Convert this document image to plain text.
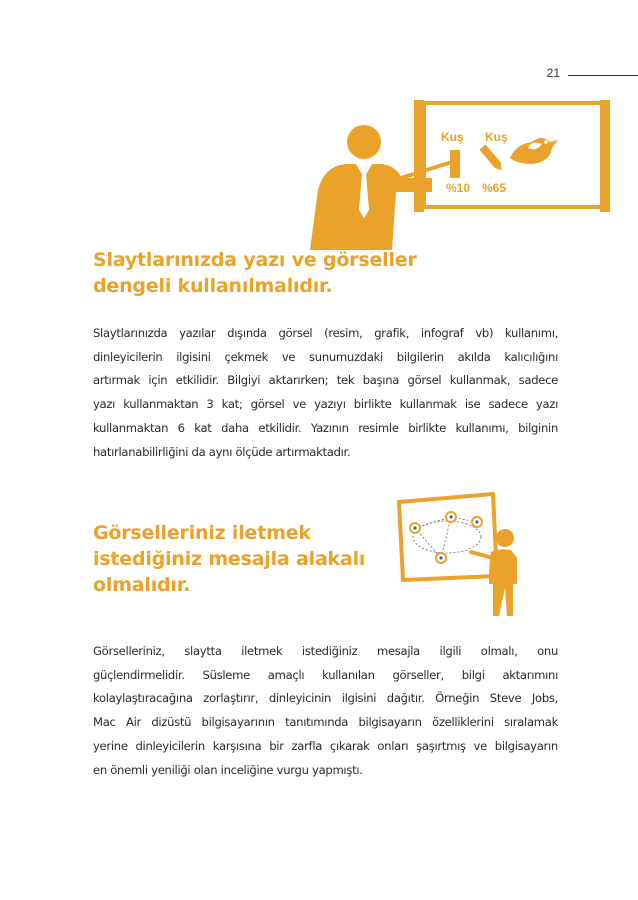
21
Kuş Kuş
%10 %65
Slaytlarınızda yazı ve görseller
dengeli kullanılmalıdır.

Slaytlarınızda yazılar dışında görsel (resim, grafik, infograf vb) kullanımı,
dinleyicilerin ilgisini çekmek ve sunumuzdaki bilgilerin akılda kalıcılığını
artırmak için etkilidir. Bilgiyi aktarırken; tek başına görsel kullanmak, sadece
yazı kullanmaktan 3 kat; görsel ve yazıyı birlikte kullanmak ise sadece yazı
kullanmaktan 6 kat daha etkilidir. Yazının resimle birlikte kullanımı, bilginin
hatırlanabilirliğini da aynı ölçüde artırmaktadır.

Görselleriniz iletmek
istediğiniz mesajla alakalı
olmalıdır.

Görselleriniz, slaytta iletmek istediğiniz mesajla ilgili olmalı, onu
güçlendirmelidir. Süsleme amaçlı kullanılan görseller, bilgi aktarımını
kolaylaştıracağına zorlaştırır, dinleyicinin ilgisini dağıtır. Örneğin Steve Jobs,
Mac Air dizüstü bilgisayarının tanıtımında bilgisayarın özelliklerini sıralamak
yerine dinleyicilerin karşısına bir zarfla çıkarak onları şaşırtmış ve bilgisayarın
en önemli yeniliği olan inceliğine vurgu yapmıştı.
